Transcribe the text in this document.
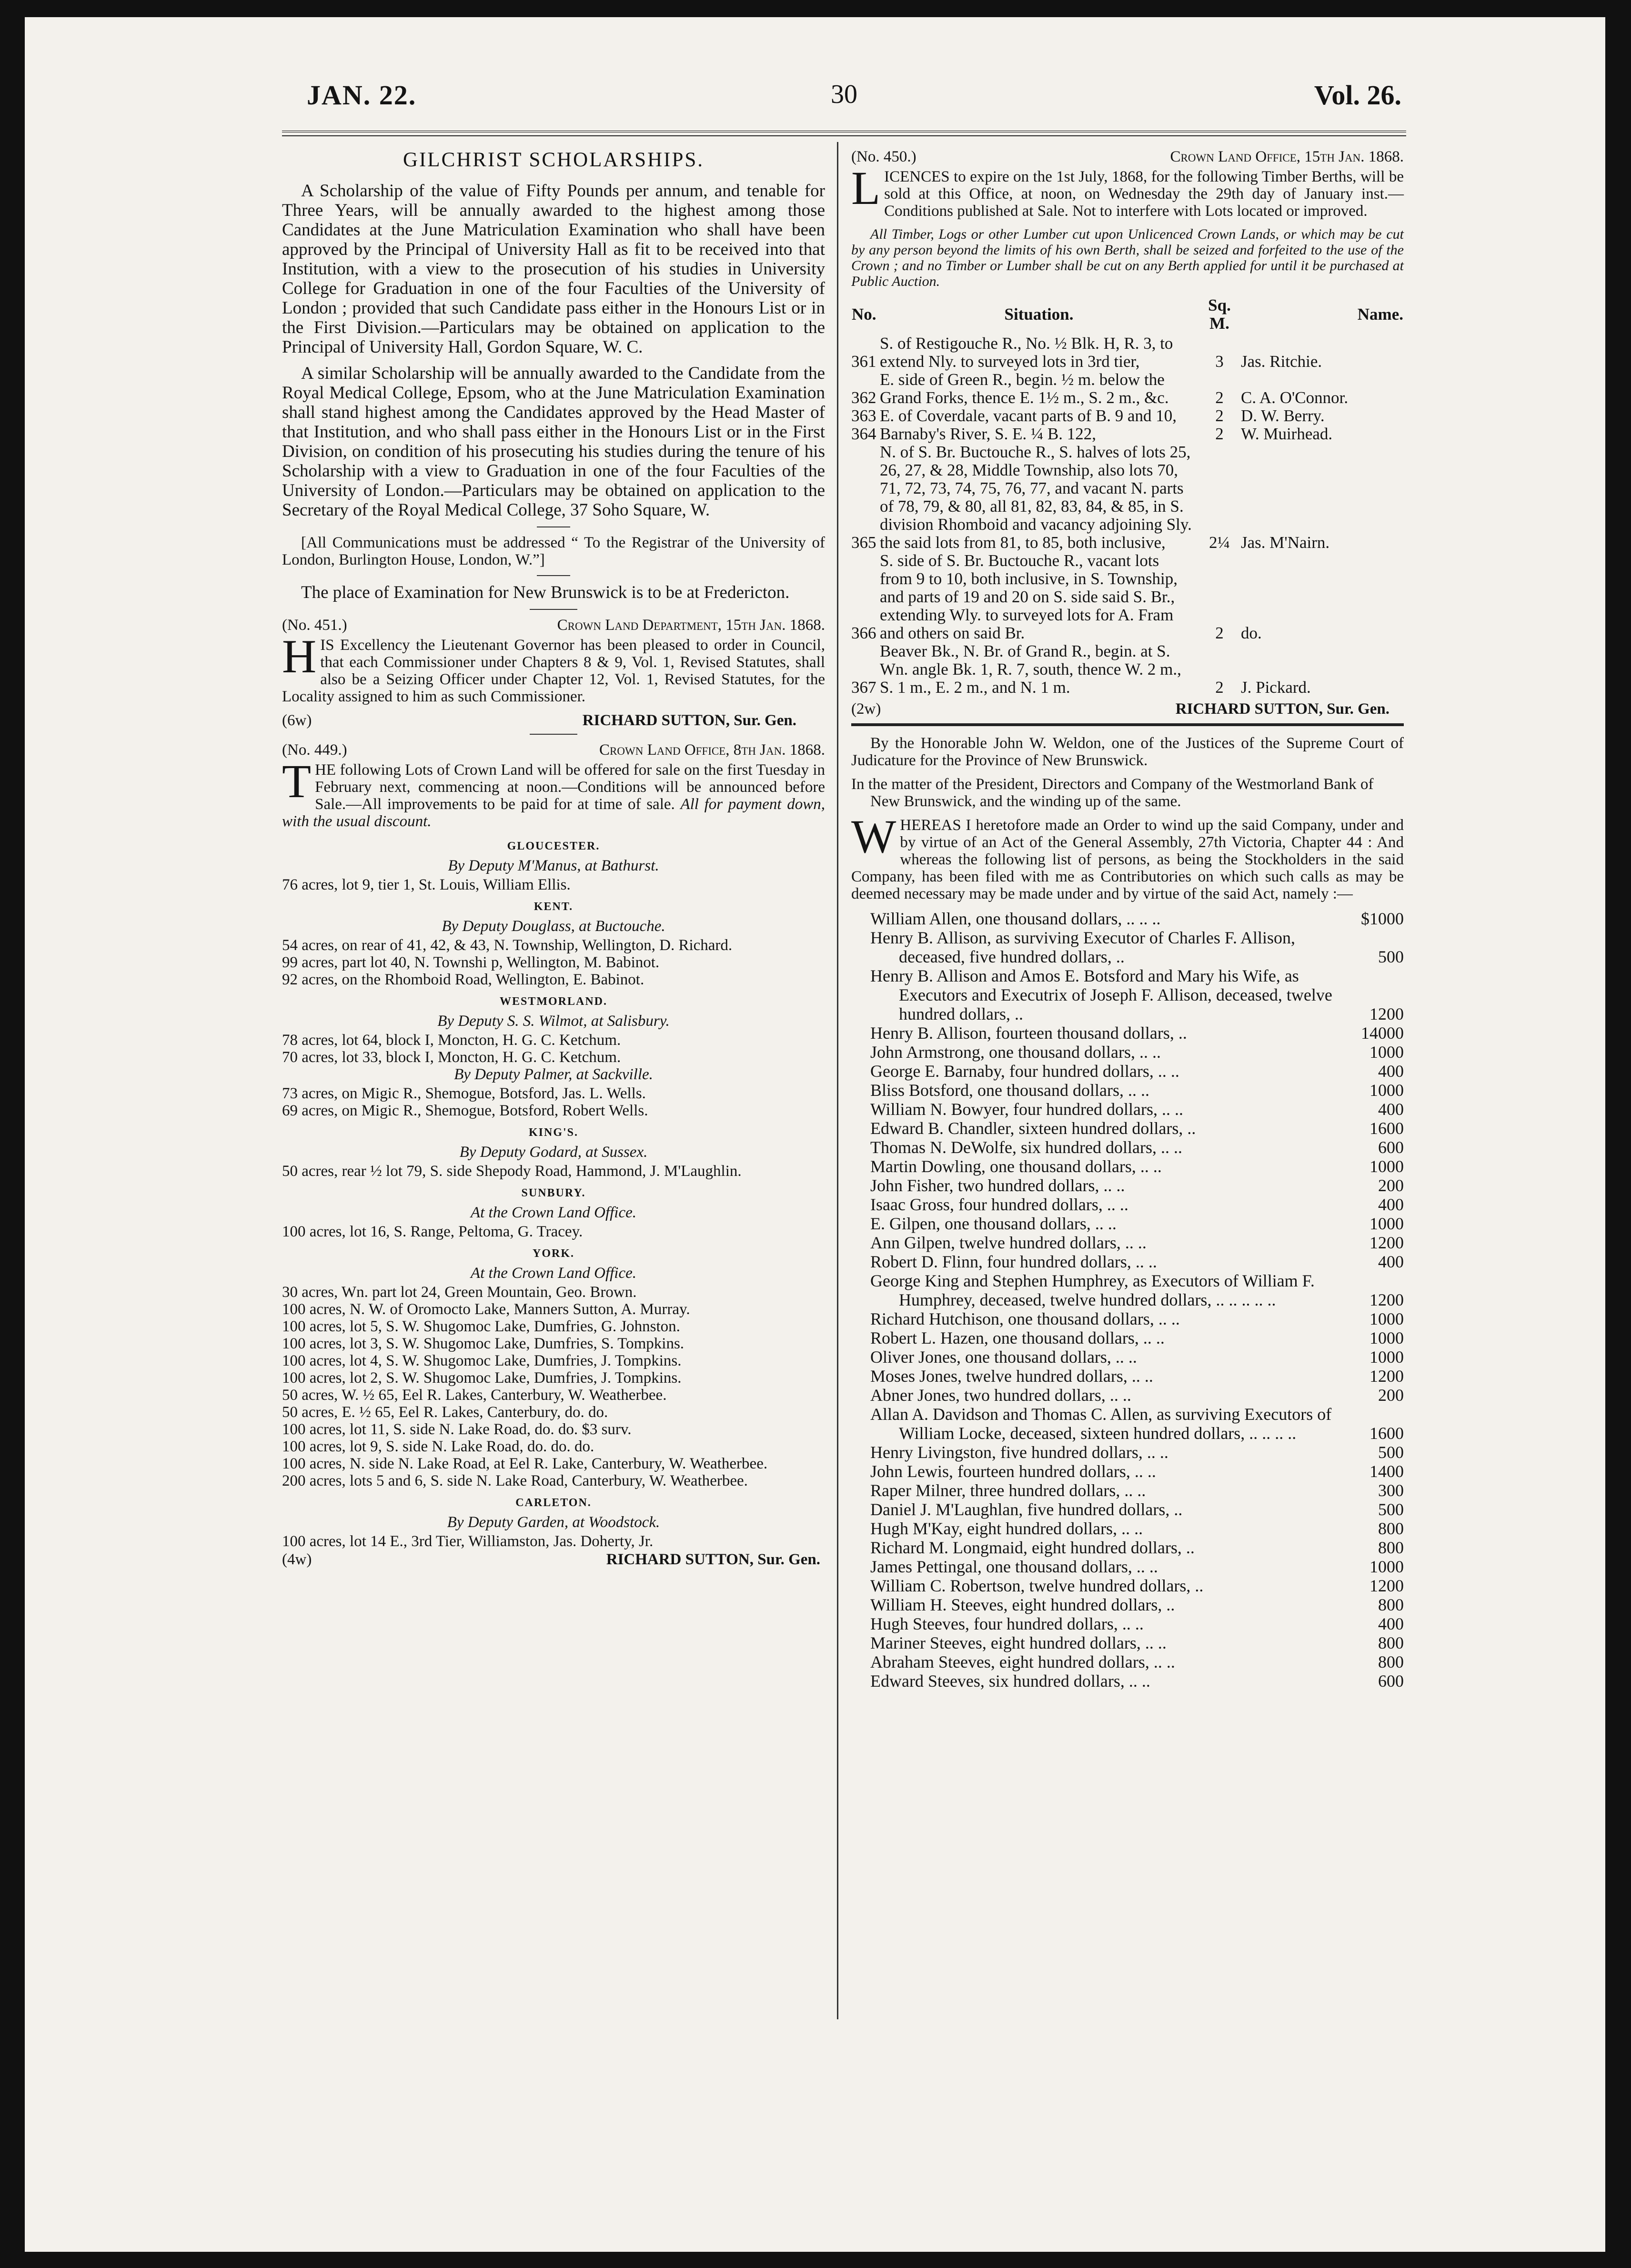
JAN. 22.	30	Vol. 26.
GILCHRIST SCHOLARSHIPS.

A Scholarship of the value of Fifty Pounds per annum, and tenable for Three Years, will be annually awarded to the highest among those Candidates at the June Matriculation Examination who shall have been approved by the Principal of University Hall as fit to be received into that Institution, with a view to the prosecution of his studies in University College for Graduation in one of the four Faculties of the University of London ; provided that such Candidate pass either in the Honours List or in the First Division.—Particulars may be obtained on application to the Principal of University Hall, Gordon Square, W. C.

A similar Scholarship will be annually awarded to the Candidate from the Royal Medical College, Epsom, who at the June Matriculation Examination shall stand highest among the Candidates approved by the Head Master of that Institution, and who shall pass either in the Honours List or in the First Division, on condition of his prosecuting his studies during the tenure of his Scholarship with a view to Graduation in one of the four Faculties of the University of London.—Particulars may be obtained on application to the Secretary of the Royal Medical College, 37 Soho Square, W.

[All Communications must be addressed “ To the Registrar of the University of London, Burlington House, London, W.”]

The place of Examination for New Brunswick is to be at Fredericton.

(No. 451.)	Crown Land Department, 15th Jan. 1868.

HIS Excellency the Lieutenant Governor has been pleased to order in Council, that each Commissioner under Chapters 8 & 9, Vol. 1, Revised Statutes, shall also be a Seizing Officer under Chapter 12, Vol. 1, Revised Statutes, for the Locality assigned to him as such Commissioner.

(6w)	RICHARD SUTTON, Sur. Gen.
(No. 449.)	Crown Land Office, 8th Jan. 1868.

THE following Lots of Crown Land will be offered for sale on the first Tuesday in February next, commencing at noon.—Conditions will be announced before Sale.—All improvements to be paid for at time of sale. All for payment down, with the usual discount.

GLOUCESTER.
By Deputy M'Manus, at Bathurst.

76 acres, lot 9, tier 1, St. Louis, William Ellis.

KENT.
By Deputy Douglass, at Buctouche.

54 acres, on rear of 41, 42, & 43, N. Township, Wellington, D. Richard.

99 acres, part lot 40, N. Townshi p, Wellington, M. Babinot.

92 acres, on the Rhomboid Road, Wellington, E. Babinot.

WESTMORLAND.
By Deputy S. S. Wilmot, at Salisbury.

78 acres, lot 64, block I, Moncton, H. G. C. Ketchum.

70 acres, lot 33, block I, Moncton, H. G. C. Ketchum.

By Deputy Palmer, at Sackville.

73 acres, on Migic R., Shemogue, Botsford, Jas. L. Wells.

69 acres, on Migic R., Shemogue, Botsford, Robert Wells.

KING'S.
By Deputy Godard, at Sussex.

50 acres, rear ½ lot 79, S. side Shepody Road, Hammond, J. M'Laughlin.

SUNBURY.
At the Crown Land Office.

100 acres, lot 16, S. Range, Peltoma, G. Tracey.

YORK.
At the Crown Land Office.

30 acres, Wn. part lot 24, Green Mountain, Geo. Brown.

100 acres, N. W. of Oromocto Lake, Manners Sutton, A. Murray.

100 acres, lot 5, S. W. Shugomoc Lake, Dumfries, G. Johnston.

100 acres, lot 3, S. W. Shugomoc Lake, Dumfries, S. Tompkins.

100 acres, lot 4, S. W. Shugomoc Lake, Dumfries, J. Tompkins.

100 acres, lot 2, S. W. Shugomoc Lake, Dumfries, J. Tompkins.

50 acres, W. ½ 65, Eel R. Lakes, Canterbury, W. Weatherbee.

50 acres, E. ½ 65, Eel R. Lakes, Canterbury, do. do.

100 acres, lot 11, S. side N. Lake Road, do. do. $3 surv.

100 acres, lot 9, S. side N. Lake Road, do. do. do.

100 acres, N. side N. Lake Road, at Eel R. Lake, Canterbury, W. Weatherbee.

200 acres, lots 5 and 6, S. side N. Lake Road, Canterbury, W. Weatherbee.

CARLETON.
By Deputy Garden, at Woodstock.

100 acres, lot 14 E., 3rd Tier, Williamston, Jas. Doherty, Jr.

(4w)	RICHARD SUTTON, Sur. Gen.
(No. 450.)	Crown Land Office, 15th Jan. 1868.

LICENCES to expire on the 1st July, 1868, for the following Timber Berths, will be sold at this Office, at noon, on Wednesday the 29th day of January inst.—Conditions published at Sale. Not to interfere with Lots located or improved.

All Timber, Logs or other Lumber cut upon Unlicenced Crown Lands, or which may be cut by any person beyond the limits of his own Berth, shall be seized and forfeited to the use of the Crown ; and no Timber or Lumber shall be cut on any Berth applied for until it be purchased at Public Auction.

No.	Situation.	Sq. M.	Name.
361	S. of Restigouche R., No. ½ Blk. H, R. 3, to extend Nly. to surveyed lots in 3rd tier,	3	Jas. Ritchie.
362	E. side of Green R., begin. ½ m. below the Grand Forks, thence E. 1½ m., S. 2 m., &c.	2	C. A. O'Connor.
363	E. of Coverdale, vacant parts of B. 9 and 10,	2	D. W. Berry.
364	Barnaby's River, S. E. ¼ B. 122,	2	W. Muirhead.
365	N. of S. Br. Buctouche R., S. halves of lots 25, 26, 27, & 28, Middle Township, also lots 70, 71, 72, 73, 74, 75, 76, 77, and vacant N. parts of 78, 79, & 80, all 81, 82, 83, 84, & 85, in S. division Rhomboid and vacancy adjoining Sly. the said lots from 81, to 85, both inclusive,	2¼	Jas. M'Nairn.
366	S. side of S. Br. Buctouche R., vacant lots from 9 to 10, both inclusive, in S. Township, and parts of 19 and 20 on S. side said S. Br., extending Wly. to surveyed lots for A. Fram and others on said Br.	2	do.
367	Beaver Bk., N. Br. of Grand R., begin. at S. Wn. angle Bk. 1, R. 7, south, thence W. 2 m., S. 1 m., E. 2 m., and N. 1 m.	2	J. Pickard.
(2w)	RICHARD SUTTON, Sur. Gen.

By the Honorable John W. Weldon, one of the Justices of the Supreme Court of Judicature for the Province of New Brunswick.

In the matter of the President, Directors and Company of the Westmorland Bank of New Brunswick, and the winding up of the same.

WHEREAS I heretofore made an Order to wind up the said Company, under and by virtue of an Act of the General Assembly, 27th Victoria, Chapter 44 : And whereas the following list of persons, as being the Stockholders in the said Company, has been filed with me as Contributories on which such calls as may be deemed necessary may be made under and by virtue of the said Act, namely :—

William Allen, one thousand dollars, .. .. ..	$1000
Henry B. Allison, as surviving Executor of Charles F. Allison, deceased, five hundred dollars, ..	500
Henry B. Allison and Amos E. Botsford and Mary his Wife, as Executors and Executrix of Joseph F. Allison, deceased, twelve hundred dollars, ..	1200
Henry B. Allison, fourteen thousand dollars, ..	14000
John Armstrong, one thousand dollars, .. ..	1000
George E. Barnaby, four hundred dollars, .. ..	400
Bliss Botsford, one thousand dollars, .. ..	1000
William N. Bowyer, four hundred dollars, .. ..	400
Edward B. Chandler, sixteen hundred dollars, ..	1600
Thomas N. DeWolfe, six hundred dollars, .. ..	600
Martin Dowling, one thousand dollars, .. ..	1000
John Fisher, two hundred dollars, .. ..	200
Isaac Gross, four hundred dollars, .. ..	400
E. Gilpen, one thousand dollars, .. ..	1000
Ann Gilpen, twelve hundred dollars, .. ..	1200
Robert D. Flinn, four hundred dollars, .. ..	400
George King and Stephen Humphrey, as Executors of William F. Humphrey, deceased, twelve hundred dollars, .. .. .. .. ..	1200
Richard Hutchison, one thousand dollars, .. ..	1000
Robert L. Hazen, one thousand dollars, .. ..	1000
Oliver Jones, one thousand dollars, .. ..	1000
Moses Jones, twelve hundred dollars, .. ..	1200
Abner Jones, two hundred dollars, .. ..	200
Allan A. Davidson and Thomas C. Allen, as surviving Executors of William Locke, deceased, sixteen hundred dollars, .. .. .. ..	1600
Henry Livingston, five hundred dollars, .. ..	500
John Lewis, fourteen hundred dollars, .. ..	1400
Raper Milner, three hundred dollars, .. ..	300
Daniel J. M'Laughlan, five hundred dollars, ..	500
Hugh M'Kay, eight hundred dollars, .. ..	800
Richard M. Longmaid, eight hundred dollars, ..	800
James Pettingal, one thousand dollars, .. ..	1000
William C. Robertson, twelve hundred dollars, ..	1200
William H. Steeves, eight hundred dollars, ..	800
Hugh Steeves, four hundred dollars, .. ..	400
Mariner Steeves, eight hundred dollars, .. ..	800
Abraham Steeves, eight hundred dollars, .. ..	800
Edward Steeves, six hundred dollars, .. ..	600
